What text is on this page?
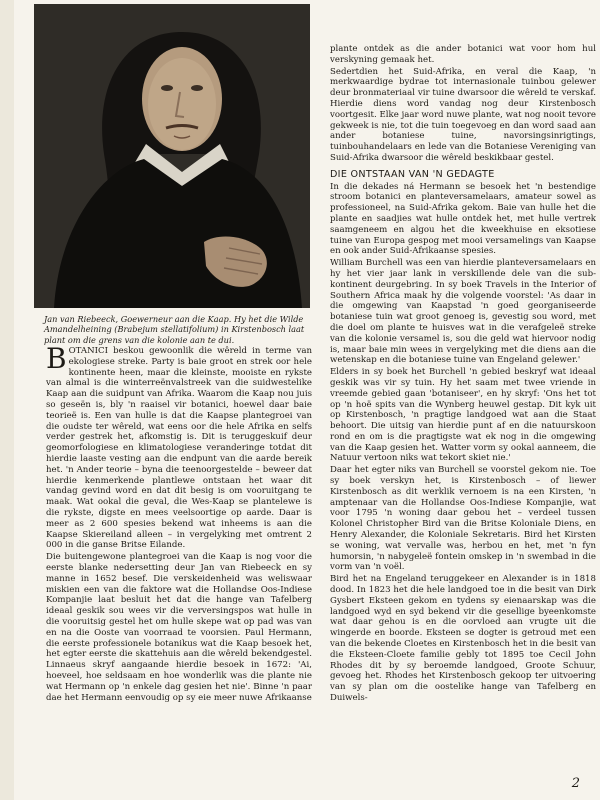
Jan van Riebeeck, Goewerneur aan die Kaap. Hy het die Wilde Amandelheining (Brabejum stellatifolium) in Kirstenbosch laat plant om die grens van die kolonie aan te dui.

BOTANICI beskou gewoonlik die wêreld in terme van ekologiese streke. Party is baie groot en strek oor hele kontinente heen, maar die kleinste, mooiste en rykste van almal is die winterreënvalstreek van die suidwestelike Kaap aan die suidpunt van Afrika. Waarom die Kaap nou juis so geseën is, bly 'n raaisel vir botanici, hoewel daar baie teorieë is. Een van hulle is dat die Kaapse plantegroei van die oudste ter wêreld, wat eens oor die hele Afrika en selfs verder gestrek het, afkomstig is. Dit is teruggeskuif deur geomorfologiese en klimatologiese veranderinge totdat dit hierdie laaste vesting aan die endpunt van die aarde bereik het. 'n Ander teorie – byna die teenoorgestelde – beweer dat hierdie kenmerkende plantlewe ontstaan het waar dit vandag gevind word en dat dit besig is om vooruitgang te maak. Wat ookal die geval, die Wes-Kaap se plantelewe is die rykste, digste en mees veelsoortige op aarde. Daar is meer as 2 600 spesies bekend wat inheems is aan die Kaapse Skiereiland alleen – in vergelyking met omtrent 2 000 in die ganse Britse Eilande.

Die buitengewone plantegroei van die Kaap is nog voor die eerste blanke nedersetting deur Jan van Riebeeck en sy manne in 1652 besef. Die verskeidenheid was weliswaar miskien een van die faktore wat die Hollandse Oos-Indiese Kompanjie laat besluit het dat die hange van Tafelberg ideaal geskik sou wees vir die verversingspos wat hulle in die vooruitsig gestel het om hulle skepe wat op pad was van en na die Ooste van voorraad te voorsien. Paul Hermann, die eerste professionele botanikus wat die Kaap besoek het, het egter eerste die skattehuis aan die wêreld bekendgestel. Linnaeus skryf aangaande hierdie besoek in 1672: 'Ai, hoeveel, hoe seldsaam en hoe wonderlik was die plante nie wat Hermann op 'n enkele dag gesien het nie'. Binne 'n paar dae het Hermann eenvoudig op sy eie meer nuwe Afrikaanse

plante ontdek as die ander botanici wat voor hom hul verskyning gemaak het.

Sedertdien het Suid-Afrika, en veral die Kaap, 'n merkwaardige bydrae tot internasionale tuinbou gelewer deur bronmateriaal vir tuine dwarsoor die wêreld te verskaf. Hierdie diens word vandag nog deur Kirstenbosch voortgesit. Elke jaar word nuwe plante, wat nog nooit tevore gekweek is nie, tot die tuin toegevoeg en dan word saad aan ander botaniese tuine, navorsingsinrigtings, tuinbouhandelaars en lede van die Botaniese Vereniging van Suid-Afrika dwarsoor die wêreld beskikbaar gestel.

DIE ONTSTAAN VAN 'N GEDAGTE

In die dekades ná Hermann se besoek het 'n bestendige stroom botanici en planteversamelaars, amateur sowel as professioneel, na Suid-Afrika gekom. Baie van hulle het die plante en saadjies wat hulle ontdek het, met hulle vertrek saamgeneem en algou het die kweekhuise en eksotiese tuine van Europa gespog met mooi versamelings van Kaapse en ook ander Suid-Afrikaanse spesies.

William Burchell was een van hierdie planteversamelaars en hy het vier jaar lank in verskillende dele van die sub-kontinent deurgebring. In sy boek Travels in the Interior of Southern Africa maak hy die volgende voorstel: 'As daar in die omgewing van Kaapstad 'n goed georganiseerde botaniese tuin wat groot genoeg is, gevestig sou word, met die doel om plante te huisves wat in die verafgeleë streke van die kolonie versamel is, sou die geld wat hiervoor nodig is, maar baie min wees in vergelyking met die diens aan die wetenskap en die botaniese tuine van Engeland gelewer.'

Elders in sy boek het Burchell 'n gebied beskryf wat ideaal geskik was vir sy tuin. Hy het saam met twee vriende in vreemde gebied gaan 'botaniseer', en hy skryf: 'Ons het tot op 'n hoë spits van die Wynberg heuwel gestap. Dit kyk uit op Kirstenbosch, 'n pragtige landgoed wat aan die Staat behoort. Die uitsig van hierdie punt af en die natuurskoon rond en om is die pragtigste wat ek nog in die omgewing van die Kaap gesien het. Watter vorm sy ookal aanneem, die Natuur vertoon niks wat tekort skiet nie.'

Daar het egter niks van Burchell se voorstel gekom nie. Toe sy boek verskyn het, is Kirstenbosch – of liewer Kirstenbosch as dit werklik vernoem is na een Kirsten, 'n amptenaar van die Hollandse Oos-Indiese Kompanjie, wat voor 1795 'n woning daar gebou het – verdeel tussen Kolonel Christopher Bird van die Britse Koloniale Diens, en Henry Alexander, die Koloniale Sekretaris. Bird het Kirsten se woning, wat vervalle was, herbou en het, met 'n fyn humorsin, 'n nabygeleë fontein omskep in 'n swembad in die vorm van 'n voël.

Bird het na Engeland teruggekeer en Alexander is in 1818 dood. In 1823 het die hele landgoed toe in die besit van Dirk Gysbert Eksteen gekom en tydens sy eienaarskap was die landgoed wyd en syd bekend vir die gesellige byeenkomste wat daar gehou is en die oorvloed aan vrugte uit die wingerde en boorde. Eksteen se dogter is getroud met een van die bekende Cloetes en Kirstenbosch het in die besit van die Eksteen-Cloete familie gebly tot 1895 toe Cecil John Rhodes dit by sy beroemde landgoed, Groote Schuur, gevoeg het. Rhodes het Kirstenbosch gekoop ter uitvoering van sy plan om die oostelike hange van Tafelberg en Duiwels-

2
